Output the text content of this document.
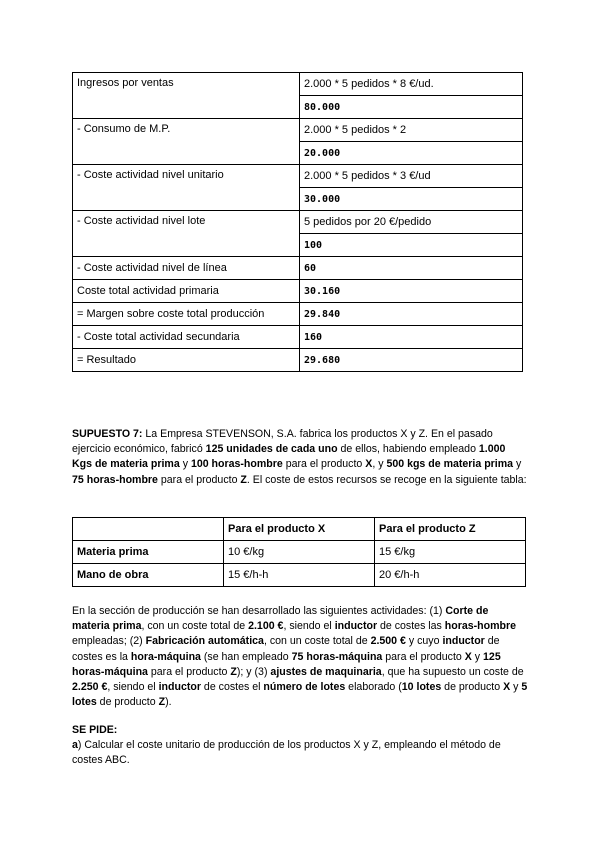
Ingresos por ventas	2.000 * 5 pedidos * 8 €/ud.
	80.000
- Consumo de M.P.	2.000 * 5 pedidos * 2
	20.000
- Coste actividad nivel unitario	2.000 * 5 pedidos * 3 €/ud
	30.000
- Coste actividad nivel lote	5 pedidos por 20 €/pedido
	100
- Coste actividad nivel de línea	60
Coste total actividad primaria	30.160
= Margen sobre coste total producción	29.840
- Coste total actividad secundaria	160
= Resultado	29.680
SUPUESTO 7: La Empresa STEVENSON, S.A. fabrica los productos X y Z. En el pasado ejercicio económico, fabricó 125 unidades de cada uno de ellos, habiendo empleado 1.000 Kgs de materia prima y 100 horas-hombre para el producto X, y 500 kgs de materia prima y 75 horas-hombre para el producto Z. El coste de estos recursos se recoge en la siguiente tabla:
	Para el producto X	Para el producto Z
Materia prima	10 €/kg	15 €/kg
Mano de obra	15 €/h-h	20 €/h-h
En la sección de producción se han desarrollado las siguientes actividades: (1) Corte de materia prima, con un coste total de 2.100 €, siendo el inductor de costes las horas-hombre empleadas; (2) Fabricación automática, con un coste total de 2.500 € y cuyo inductor de costes es la hora-máquina (se han empleado 75 horas-máquina para el producto X y 125 horas-máquina para el producto Z); y (3) ajustes de maquinaria, que ha supuesto un coste de 2.250 €, siendo el inductor de costes el número de lotes elaborado (10 lotes de producto X y 5 lotes de producto Z).
SE PIDE:
a) Calcular el coste unitario de producción de los productos X y Z, empleando el método de costes ABC.
